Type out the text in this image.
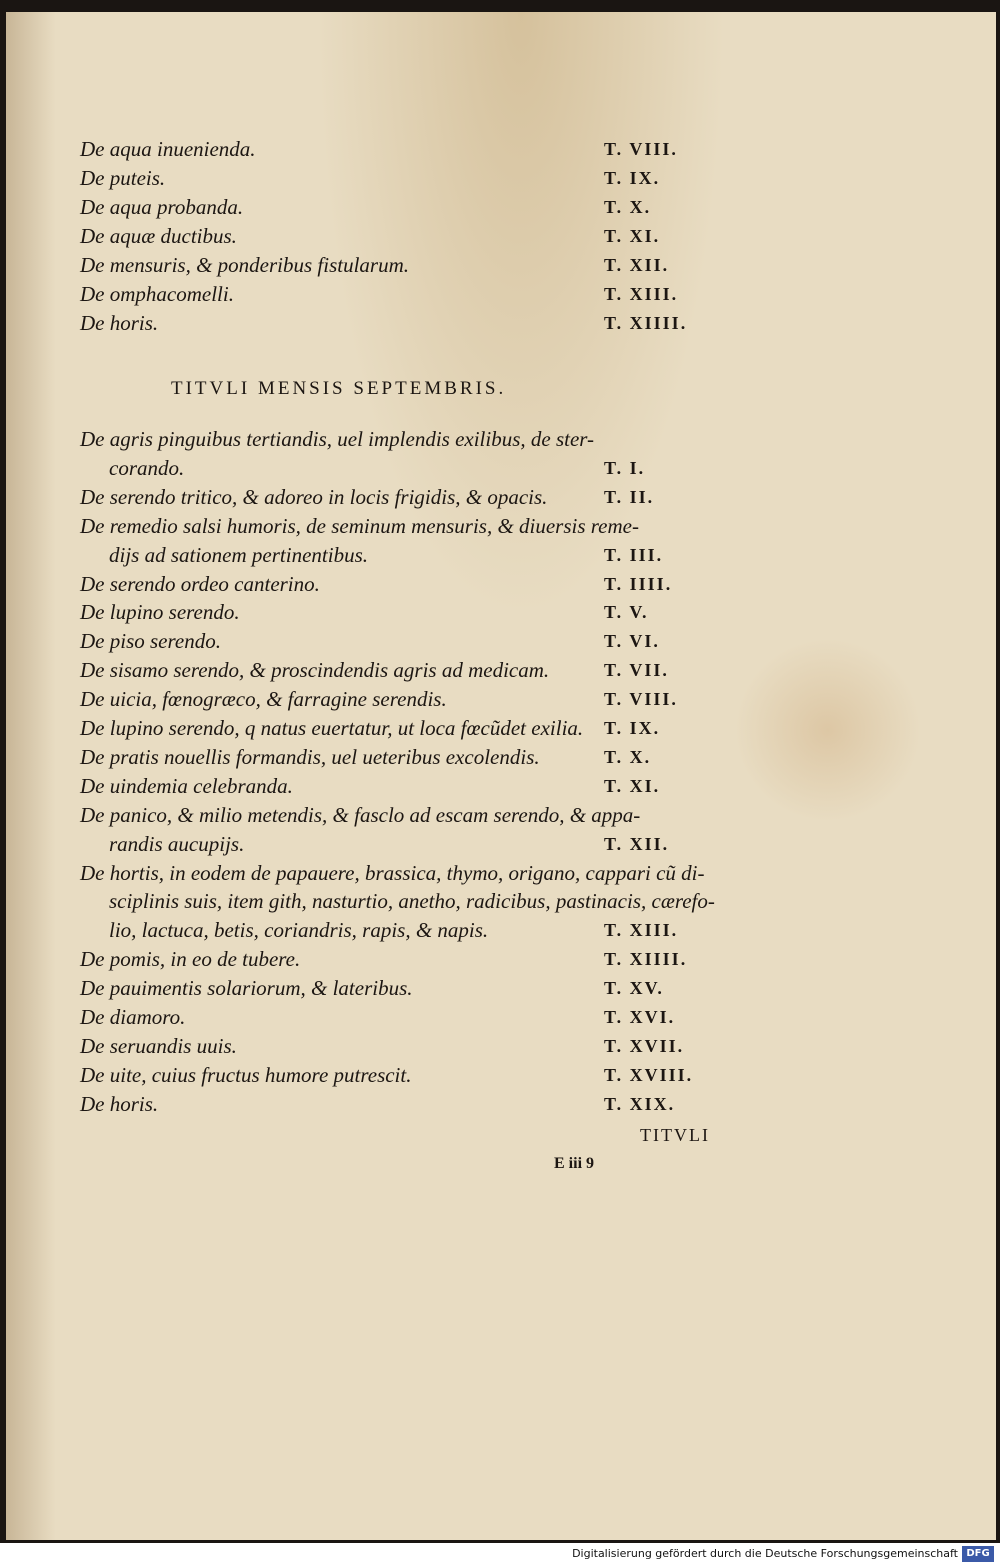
De aqua inuenienda.	T. VIII.
De puteis.	T. IX.
De aqua probanda.	T. X.
De aquæ ductibus.	T. XI.
De mensuris, & ponderibus fistularum.	T. XII.
De omphacomelli.	T. XIII.
De horis.	T. XIIII.
TITVLI MENSIS SEPTEMBRIS.
De agris pinguibus tertiandis, uel implendis exilibus, de ster-
corando.	T. I.
De serendo tritico, & adoreo in locis frigidis, & opacis.	T. II.
De remedio salsi humoris, de seminum mensuris, & diuersis reme-
dijs ad sationem pertinentibus.	T. III.
De serendo ordeo canterino.	T. IIII.
De lupino serendo.	T. V.
De piso serendo.	T. VI.
De sisamo serendo, & proscindendis agris ad medicam.	T. VII.
De uicia, fœnogræco, & farragine serendis.	T. VIII.
De lupino serendo, q natus euertatur, ut loca fœcũdet exilia. T. IX.
De pratis nouellis formandis, uel ueteribus excolendis.	T. X.
De uindemia celebranda.	T. XI.
De panico, & milio metendis, & fasclo ad escam serendo, & appa-
randis aucupijs.	T. XII.
De hortis, in eodem de papauere, brassica, thymo, origano, cappari cũ di-
sciplinis suis, item gith, nasturtio, anetho, radicibus, pastinacis, cærefo-
lio, lactuca, betis, coriandris, rapis, & napis.	T. XIII.
De pomis, in eo de tubere.	T. XIIII.
De pauimentis solariorum, & lateribus.	T. XV.
De diamoro.	T. XVI.
De seruandis uuis.	T. XVII.
De uite, cuius fructus humore putrescit.	T. XVIII.
De horis.	T. XIX.
TITVLI
E iii 9
Digitalisierung gefördert durch die Deutsche Forschungsgemeinschaft DFG
